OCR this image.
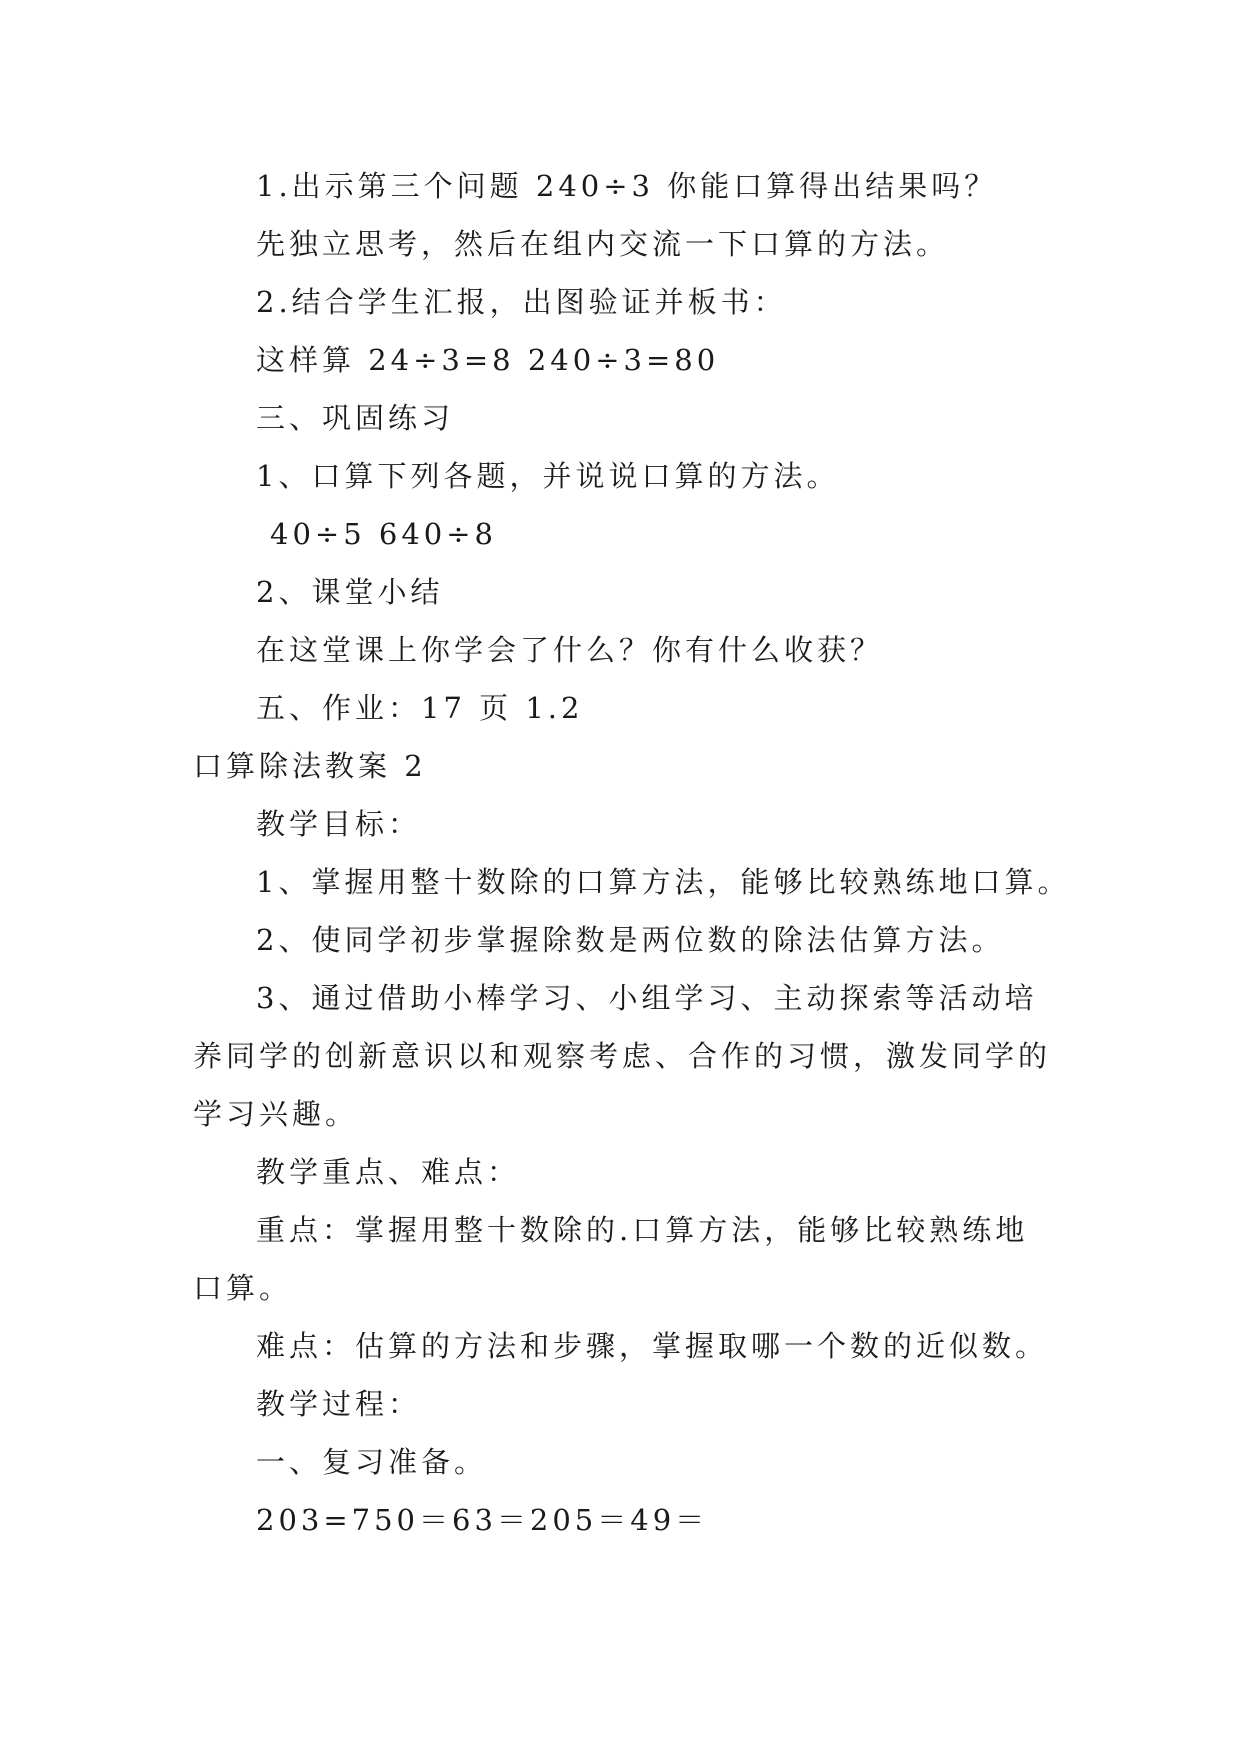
1.出示第三个问题 240÷3 你能口算得出结果吗？

先独立思考，然后在组内交流一下口算的方法。

2.结合学生汇报，出图验证并板书：

这样算 24÷3=8 240÷3=80

三、巩固练习

1、口算下列各题，并说说口算的方法。

40÷5 640÷8

2、课堂小结

在这堂课上你学会了什么？你有什么收获？

五、作业：17 页 1.2

口算除法教案 2

教学目标：

1、掌握用整十数除的口算方法，能够比较熟练地口算。

2、使同学初步掌握除数是两位数的除法估算方法。

3、通过借助小棒学习、小组学习、主动探索等活动培

养同学的创新意识以和观察考虑、合作的习惯，激发同学的

学习兴趣。

教学重点、难点：

重点：掌握用整十数除的.口算方法，能够比较熟练地

口算。

难点：估算的方法和步骤，掌握取哪一个数的近似数。

教学过程：

一、复习准备。

203=750＝63＝205＝49＝
